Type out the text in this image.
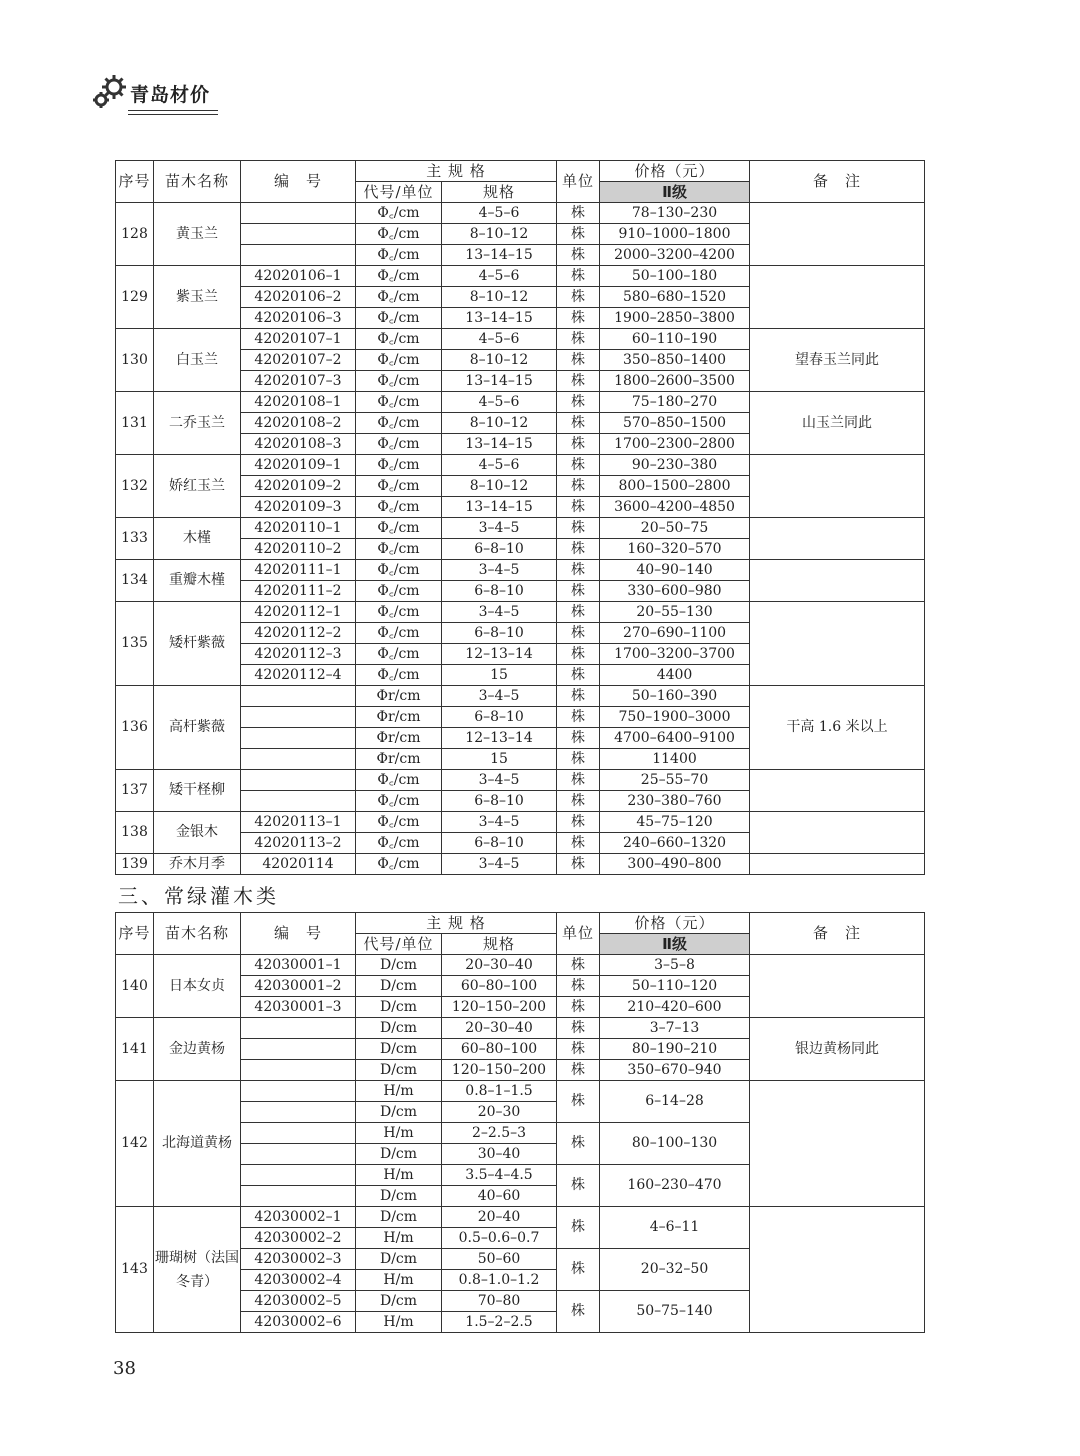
青岛材价
序号	苗木名称	编　号	主 规 格		单位	价格（元）	备　注
			代号/单位	规格		Ⅱ级	
128	黄玉兰		Φ꜀/cm	4–5–6	株	78–130–230	
			Φ꜀/cm	8–10–12	株	910–1000–1800	
			Φ꜀/cm	13–14–15	株	2000–3200–4200	
129	紫玉兰	42020106–1	Φ꜀/cm	4–5–6	株	50–100–180	
		42020106–2	Φ꜀/cm	8–10–12	株	580–680–1520	
		42020106–3	Φ꜀/cm	13–14–15	株	1900–2850–3800	
130	白玉兰	42020107–1	Φ꜀/cm	4–5–6	株	60–110–190	望春玉兰同此
		42020107–2	Φ꜀/cm	8–10–12	株	350–850–1400	
		42020107–3	Φ꜀/cm	13–14–15	株	1800–2600–3500	
131	二乔玉兰	42020108–1	Φ꜀/cm	4–5–6	株	75–180–270	山玉兰同此
		42020108–2	Φ꜀/cm	8–10–12	株	570–850–1500	
		42020108–3	Φ꜀/cm	13–14–15	株	1700–2300–2800	
132	娇红玉兰	42020109–1	Φ꜀/cm	4–5–6	株	90–230–380	
		42020109–2	Φ꜀/cm	8–10–12	株	800–1500–2800	
		42020109–3	Φ꜀/cm	13–14–15	株	3600–4200–4850	
133	木槿	42020110–1	Φ꜀/cm	3–4–5	株	20–50–75	
		42020110–2	Φ꜀/cm	6–8–10	株	160–320–570	
134	重瓣木槿	42020111–1	Φ꜀/cm	3–4–5	株	40–90–140	
		42020111–2	Φ꜀/cm	6–8–10	株	330–600–980	
135	矮杆紫薇	42020112–1	Φ꜀/cm	3–4–5	株	20–55–130	
		42020112–2	Φ꜀/cm	6–8–10	株	270–690–1100	
		42020112–3	Φ꜀/cm	12–13–14	株	1700–3200–3700	
		42020112–4	Φ꜀/cm	15	株	4400	
136	高杆紫薇		Φr/cm	3–4–5	株	50–160–390	干高 1.6 米以上
			Φr/cm	6–8–10	株	750–1900–3000	
			Φr/cm	12–13–14	株	4700–6400–9100	
			Φr/cm	15	株	11400	
137	矮干柽柳		Φ꜀/cm	3–4–5	株	25–55–70	
			Φ꜀/cm	6–8–10	株	230–380–760	
138	金银木	42020113–1	Φ꜀/cm	3–4–5	株	45–75–120	
		42020113–2	Φ꜀/cm	6–8–10	株	240–660–1320	
139	乔木月季	42020114	Φ꜀/cm	3–4–5	株	300–490–800	
三、常绿灌木类
序号	苗木名称	编　号	主 规 格		单位	价格（元）	备　注
			代号/单位	规格		Ⅱ级	
140	日本女贞	42030001–1	D/cm	20–30–40	株	3–5–8	
		42030001–2	D/cm	60–80–100	株	50–110–120	
		42030001–3	D/cm	120–150–200	株	210–420–600	
141	金边黄杨		D/cm	20–30–40	株	3–7–13	银边黄杨同此
			D/cm	60–80–100	株	80–190–210	
			D/cm	120–150–200	株	350–670–940	
142	北海道黄杨		H/m	0.8–1–1.5	株	6–14–28	
			D/cm	20–30			
			H/m	2–2.5–3	株	80–100–130	
			D/cm	30–40			
			H/m	3.5–4–4.5	株	160–230–470	
			D/cm	40–60			
143	珊瑚树（法国冬青）	42030002–1	D/cm	20–40	株	4–6–11	
		42030002–2	H/m	0.5–0.6–0.7			
		42030002–3	D/cm	50–60	株	20–32–50	
		42030002–4	H/m	0.8–1.0–1.2			
		42030002–5	D/cm	70–80	株	50–75–140	
		42030002–6	H/m	1.5–2–2.5			
38
